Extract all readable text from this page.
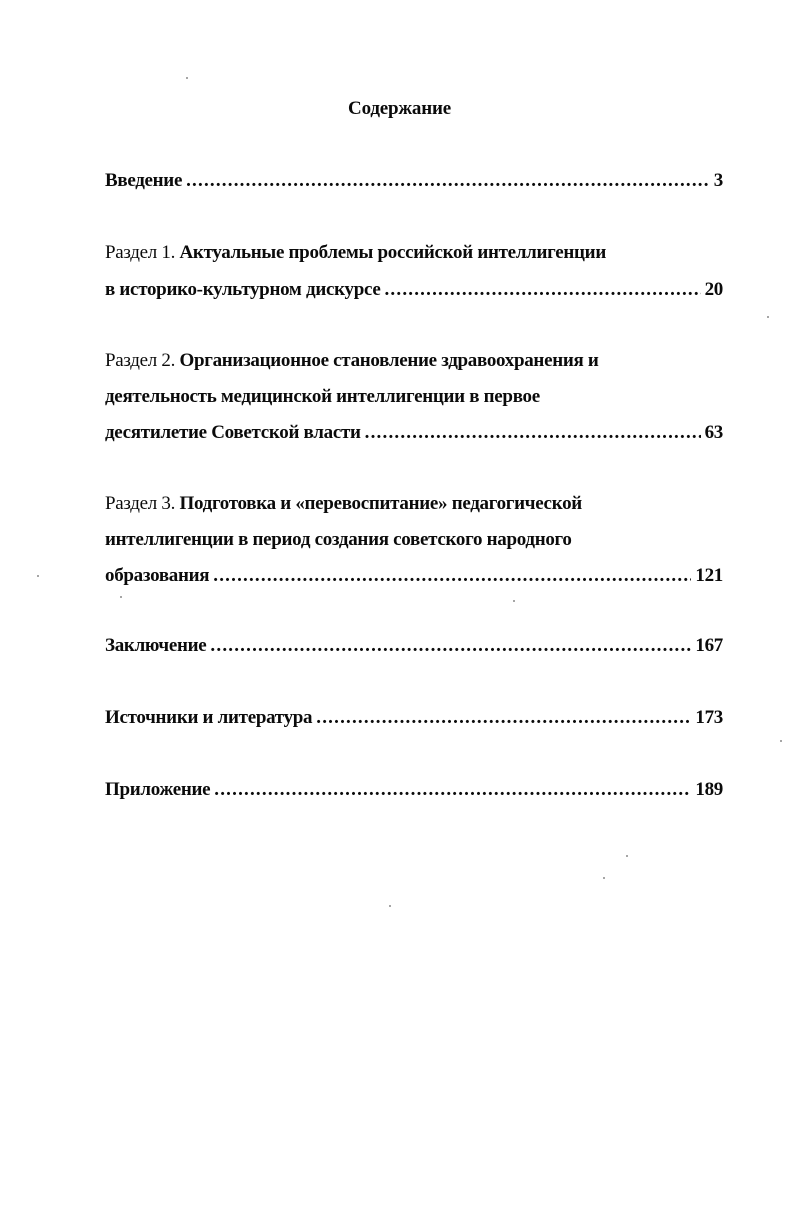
Содержание
Введение .....	3
Раздел 1. Актуальные проблемы российской интеллигенции
в историко-культурном дискурсе .....	20
Раздел 2. Организационное становление здравоохранения и
деятельность медицинской интеллигенции в первое
десятилетие Советской власти .....	63
Раздел 3. Подготовка и «перевоспитание» педагогической
интеллигенции в период создания советского народного
образования .....	121
Заключение .....	167
Источники и литература .....	173
Приложение .....	189
